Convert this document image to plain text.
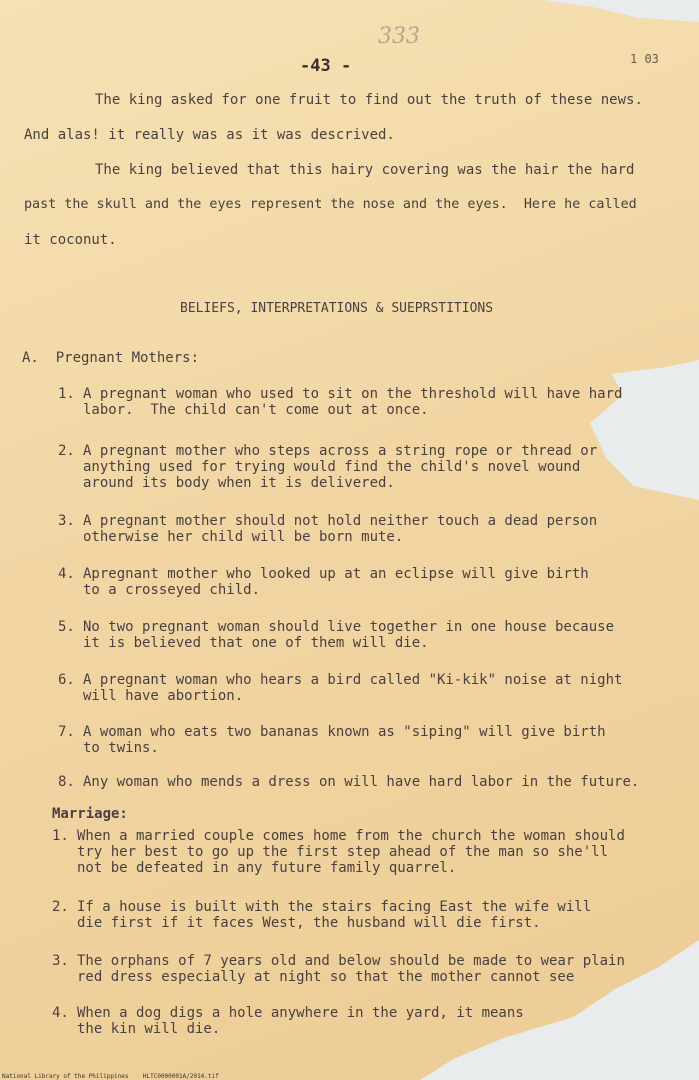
333
-43 -	1 03
The king asked for one fruit to find out the truth of these news.
And alas! it really was as it was descrived.
The king believed that this hairy covering was the hair the hard
past the skull and the eyes represent the nose and the eyes.  Here he called
it coconut.
BELIEFS, INTERPRETATIONS & SUEPRSTITIONS
A.  Pregnant Mothers:
1. A pregnant woman who used to sit on the threshold will have hard
labor.  The child can't come out at once.
2. A pregnant mother who steps across a string rope or thread or
anything used for trying would find the child's novel wound
around its body when it is delivered.
3. A pregnant mother should not hold neither touch a dead person
otherwise her child will be born mute.
4. Apregnant mother who looked up at an eclipse will give birth
to a crosseyed child.
5. No two pregnant woman should live together in one house because
it is believed that one of them will die.
6. A pregnant woman who hears a bird called "Ki-kik" noise at night
will have abortion.
7. A woman who eats two bananas known as "siping" will give birth
to twins.
8. Any woman who mends a dress on will have hard labor in the future.
Marriage:
1. When a married couple comes home from the church the woman should
try her best to go up the first step ahead of the man so she'll
not be defeated in any future family quarrel.
2. If a house is built with the stairs facing East the wife will
die first if it faces West, the husband will die first.
3. The orphans of 7 years old and below should be made to wear plain
red dress especially at night so that the mother cannot see
4. When a dog digs a hole anywhere in the yard, it means
the kin will die.
National Library of the Philippines    HLTC0000001A/2014.tif
